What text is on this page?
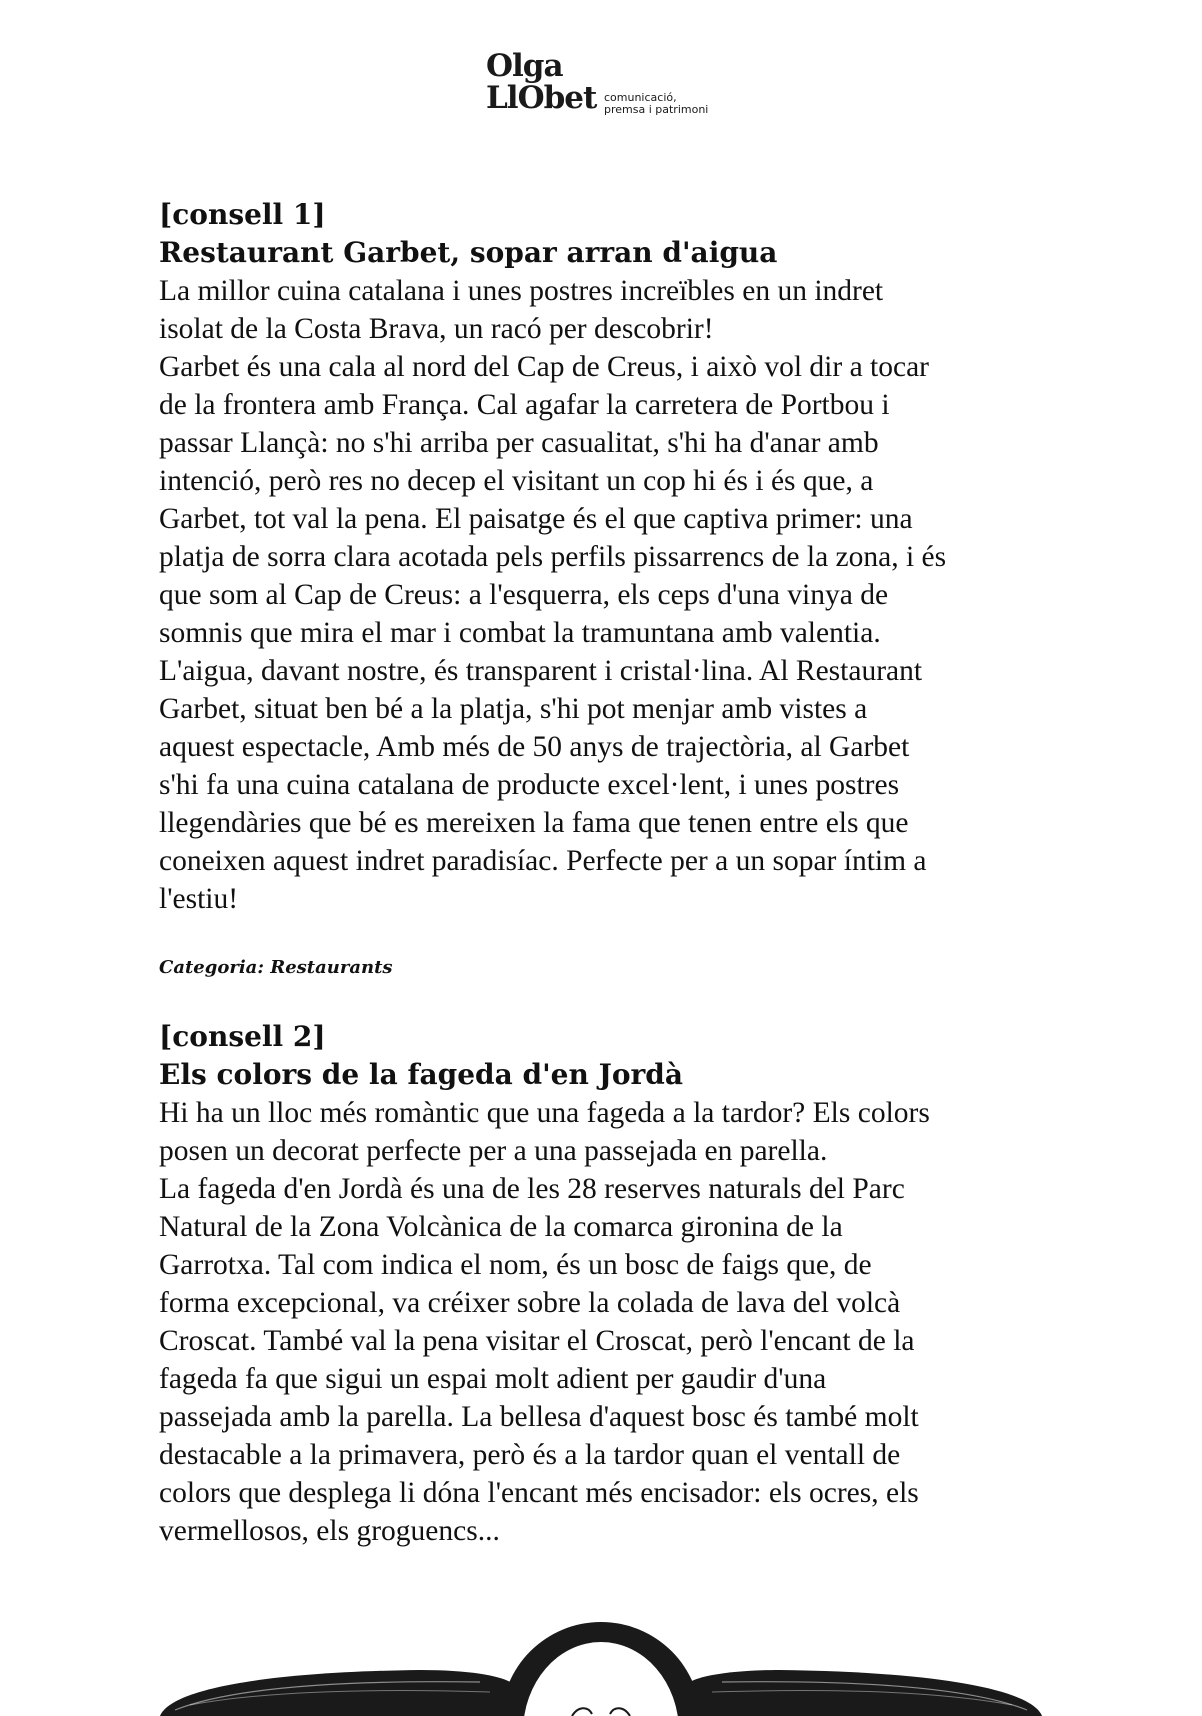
Olga
LlObet comunicació,
premsa i patrimoni

[consell 1]

Restaurant Garbet, sopar arran d'aigua

La millor cuina catalana i unes postres increïbles en un indret

isolat de la Costa Brava, un racó per descobrir!

Garbet és una cala al nord del Cap de Creus, i això vol dir a tocar

de la frontera amb França. Cal agafar la carretera de Portbou i

passar Llançà: no s'hi arriba per casualitat, s'hi ha d'anar amb

intenció, però res no decep el visitant un cop hi és i és que, a

Garbet, tot val la pena. El paisatge és el que captiva primer: una

platja de sorra clara acotada pels perfils pissarrencs de la zona, i és

que som al Cap de Creus: a l'esquerra, els ceps d'una vinya de

somnis que mira el mar i combat la tramuntana amb valentia.

L'aigua, davant nostre, és transparent i cristal·lina. Al Restaurant

Garbet, situat ben bé a la platja, s'hi pot menjar amb vistes a

aquest espectacle, Amb més de 50 anys de trajectòria, al Garbet

s'hi fa una cuina catalana de producte excel·lent, i unes postres

llegendàries que bé es mereixen la fama que tenen entre els que

coneixen aquest indret paradisíac. Perfecte per a un sopar íntim a

l'estiu!

Categoria: Restaurants

[consell 2]

Els colors de la fageda d'en Jordà

Hi ha un lloc més romàntic que una fageda a la tardor? Els colors

posen un decorat perfecte per a una passejada en parella.

La fageda d'en Jordà és una de les 28 reserves naturals del Parc

Natural de la Zona Volcànica de la comarca gironina de la

Garrotxa. Tal com indica el nom, és un bosc de faigs que, de

forma excepcional, va créixer sobre la colada de lava del volcà

Croscat. També val la pena visitar el Croscat, però l'encant de la

fageda fa que sigui un espai molt adient per gaudir d'una

passejada amb la parella. La bellesa d'aquest bosc és també molt

destacable a la primavera, però és a la tardor quan el ventall de

colors que desplega li dóna l'encant més encisador: els ocres, els

vermellosos, els groguencs...
